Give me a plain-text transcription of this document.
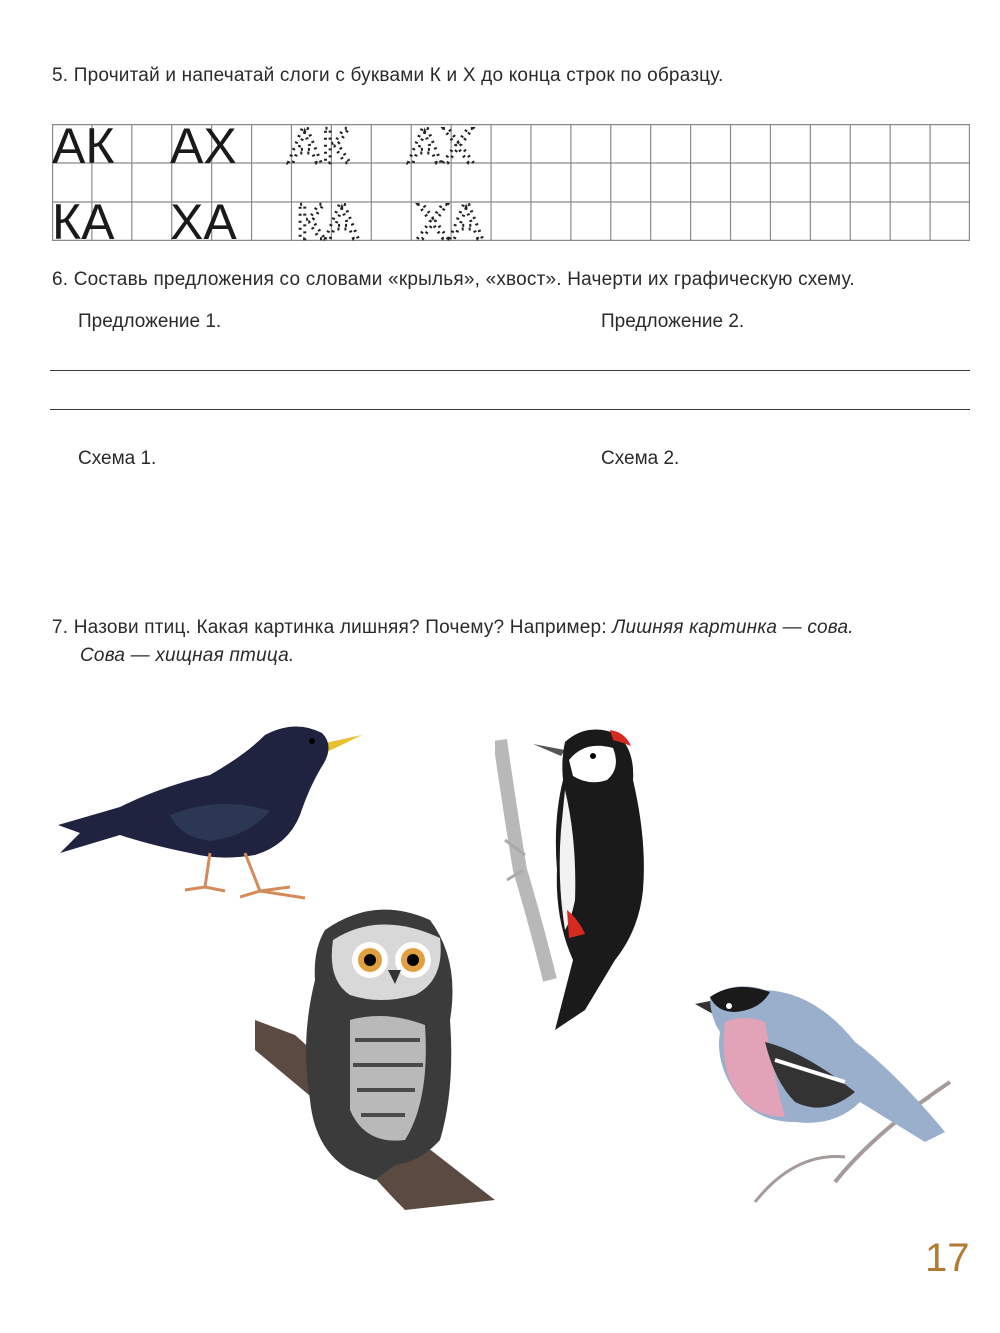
5. Прочитай и напечатай слоги с буквами К и Х до конца строк по образцу.
АК АХ АК АХ
КА ХА КА ХА
6. Составь предложения со словами «крылья», «хвост». Начерти их графическую схему.
Предложение 1.	Предложение 2.
Схема 1.	Схема 2.
7. Назови птиц. Какая картинка лишняя? Почему? Например: Лишняя картинка — сова.
Сова — хищная птица.
17
